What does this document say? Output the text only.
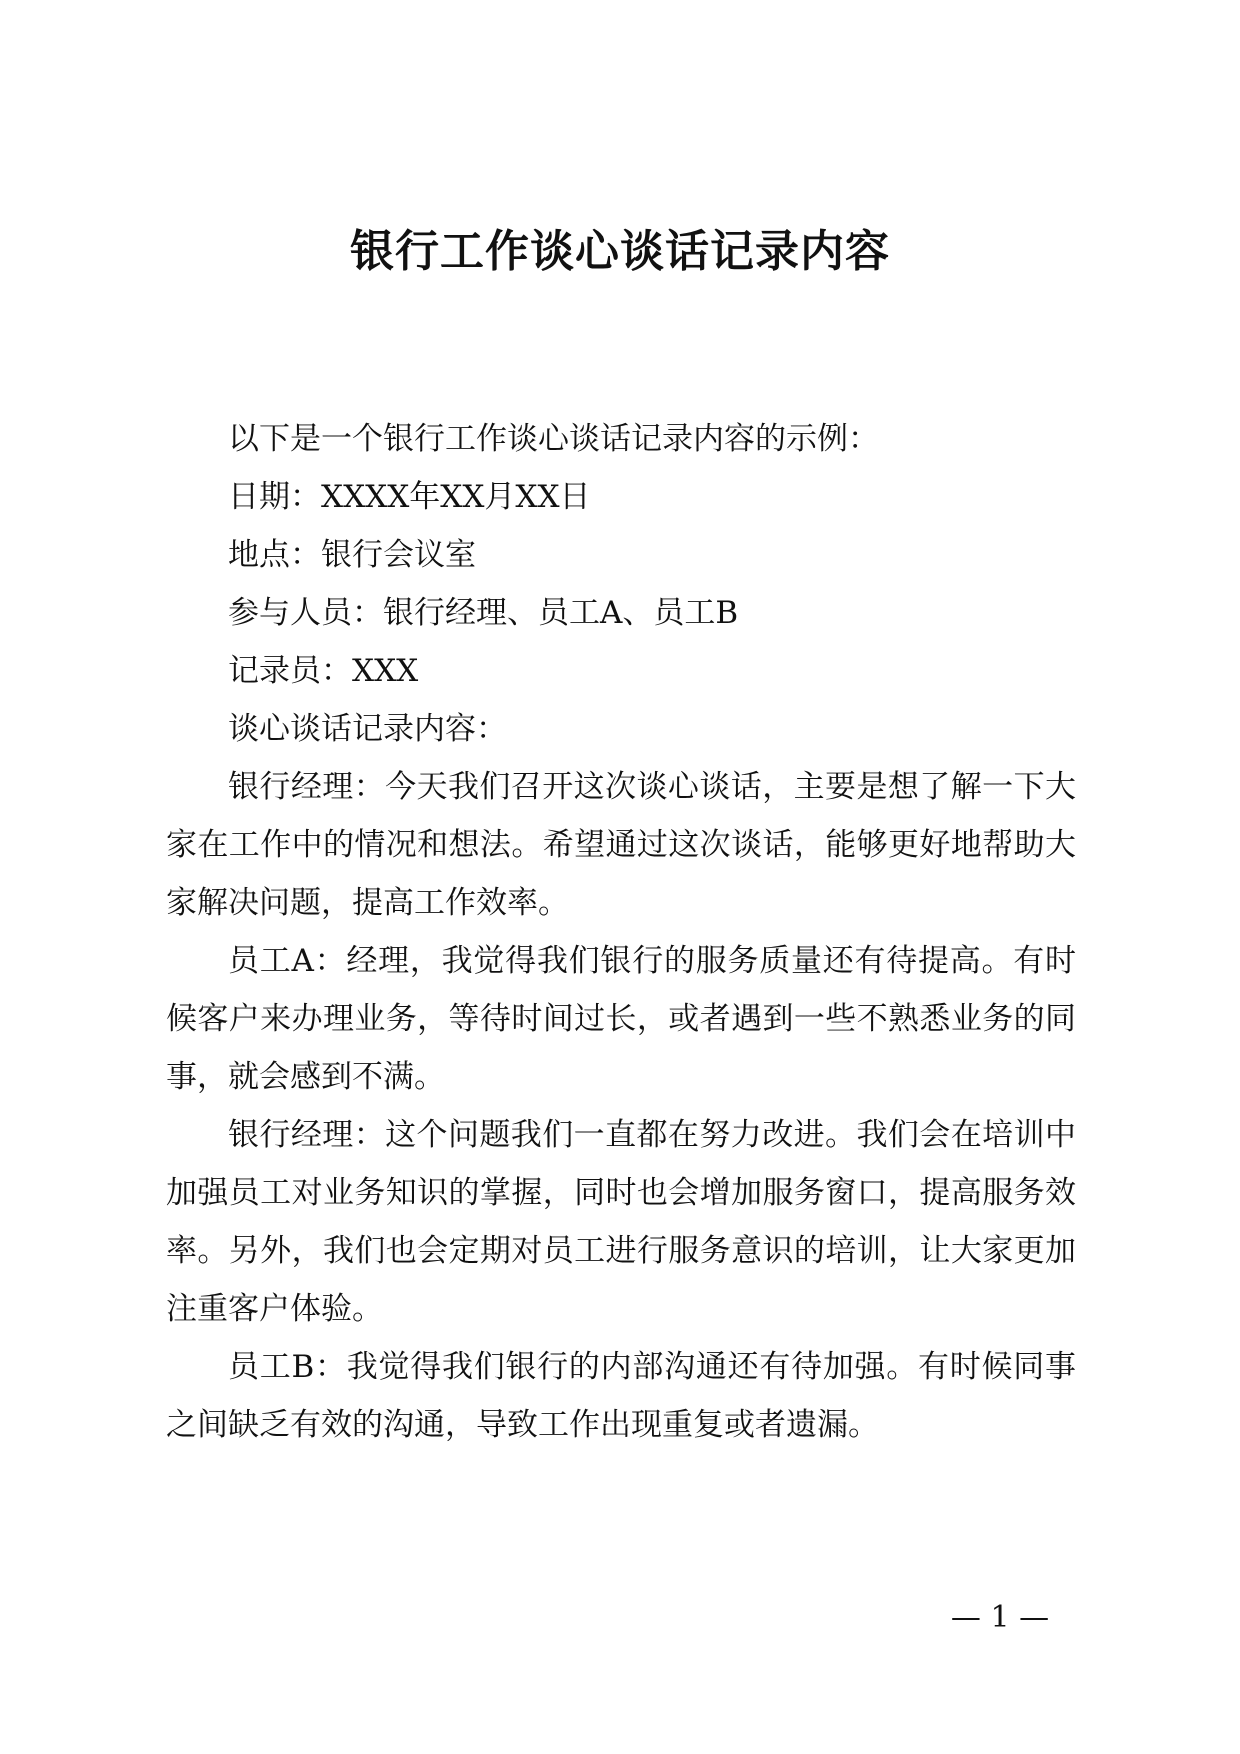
银行工作谈心谈话记录内容

以下是一个银行工作谈心谈话记录内容的示例：

日期：XXXX年XX月XX日

地点：银行会议室

参与人员：银行经理、员工A、员工B

记录员：XXX

谈心谈话记录内容：

银行经理：今天我们召开这次谈心谈话，主要是想了解一下大家在工作中的情况和想法。希望通过这次谈话，能够更好地帮助大家解决问题，提高工作效率。

员工A：经理，我觉得我们银行的服务质量还有待提高。有时候客户来办理业务，等待时间过长，或者遇到一些不熟悉业务的同事，就会感到不满。

银行经理：这个问题我们一直都在努力改进。我们会在培训中加强员工对业务知识的掌握，同时也会增加服务窗口，提高服务效率。另外，我们也会定期对员工进行服务意识的培训，让大家更加注重客户体验。

员工B：我觉得我们银行的内部沟通还有待加强。有时候同事之间缺乏有效的沟通，导致工作出现重复或者遗漏。

— 1 —
